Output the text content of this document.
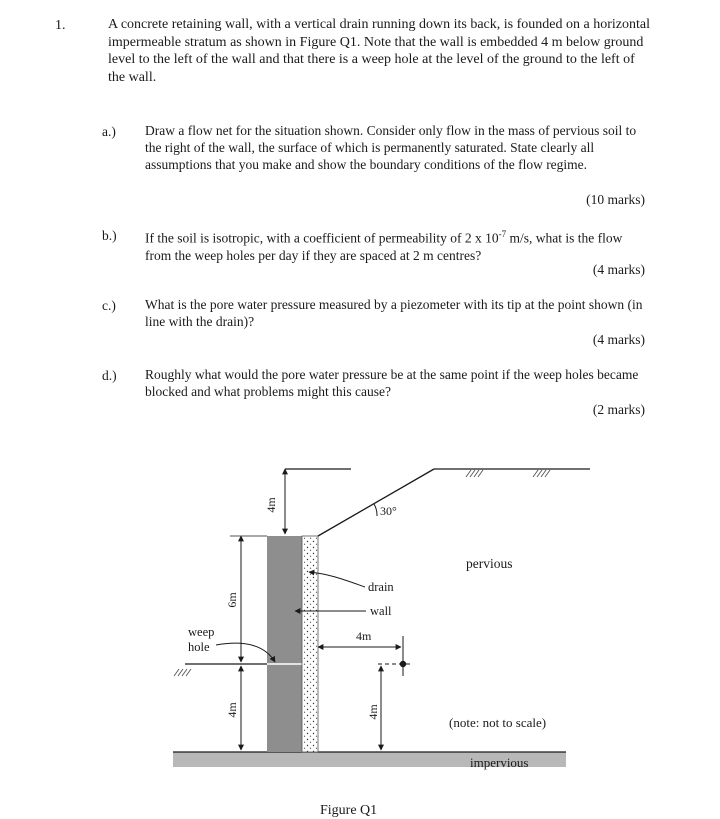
1.	A concrete retaining wall, with a vertical drain running down its back, is founded on a horizontal impermeable stratum as shown in Figure Q1. Note that the wall is embedded 4 m below ground level to the left of the wall and that there is a weep hole at the level of the ground to the left of the wall.
a.) Draw a flow net for the situation shown. Consider only flow in the mass of pervious soil to the right of the wall, the surface of which is permanently saturated. State clearly all assumptions that you make and show the boundary conditions of the flow regime.
(10 marks)
b.) If the soil is isotropic, with a coefficient of permeability of 2 x $10^{-7}$ m/s, what is the flow from the weep holes per day if they are spaced at 2 m centres?
(4 marks)
c.) What is the pore water pressure measured by a piezometer with its tip at the point shown (in line with the drain)?
(4 marks)
d.) Roughly what would the pore water pressure be at the same point if the weep holes became blocked and what problems might this cause?
(2 marks)
30°
4m
6m
4m
weep
hole
drain
wall
4m
4m
pervious
(note: not to scale)
impervious
Figure Q1
